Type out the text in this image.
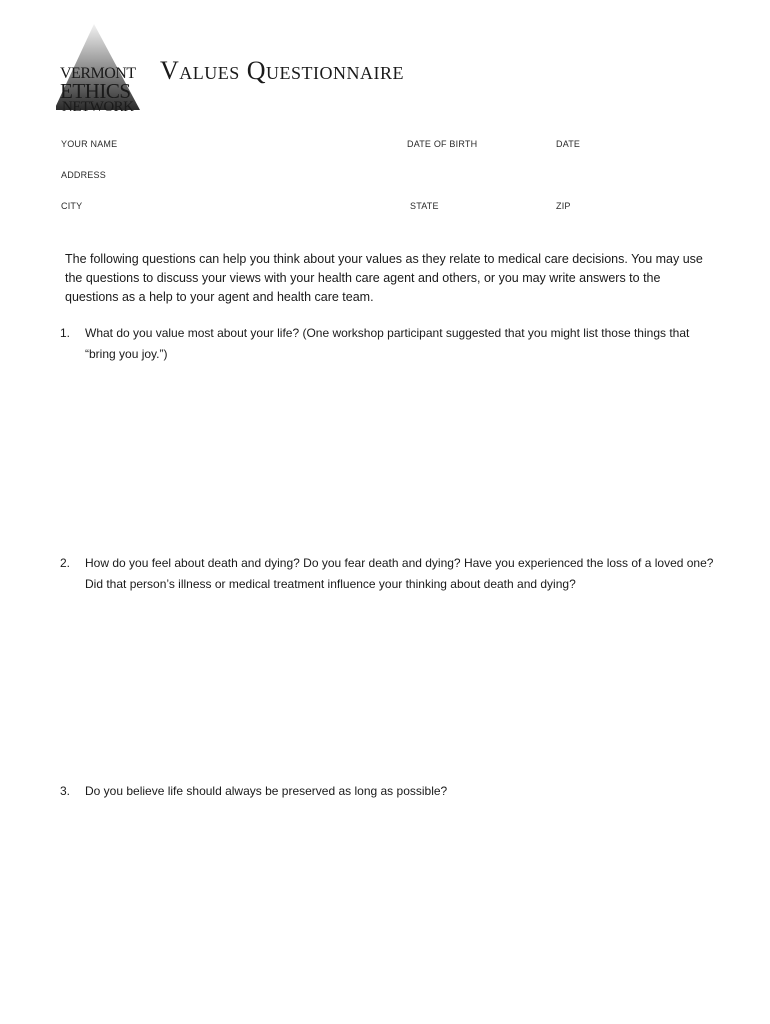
VERMONT
ETHICS
NETWORK
Values Questionnaire
YOUR NAME	DATE OF BIRTH	DATE
ADDRESS
CITY	STATE	ZIP

The following questions can help you think about your values as they relate to medical care decisions. You may use the questions to discuss your views with your health care agent and others, or you may write answers to the questions as a help to your agent and health care team.

1.	What do you value most about your life? (One workshop participant suggested that you might list those things that “bring you joy.”)
2.	How do you feel about death and dying? Do you fear death and dying? Have you experienced the loss of a loved one? Did that person’s illness or medical treatment influence your thinking about death and dying?
3.	Do you believe life should always be preserved as long as possible?
